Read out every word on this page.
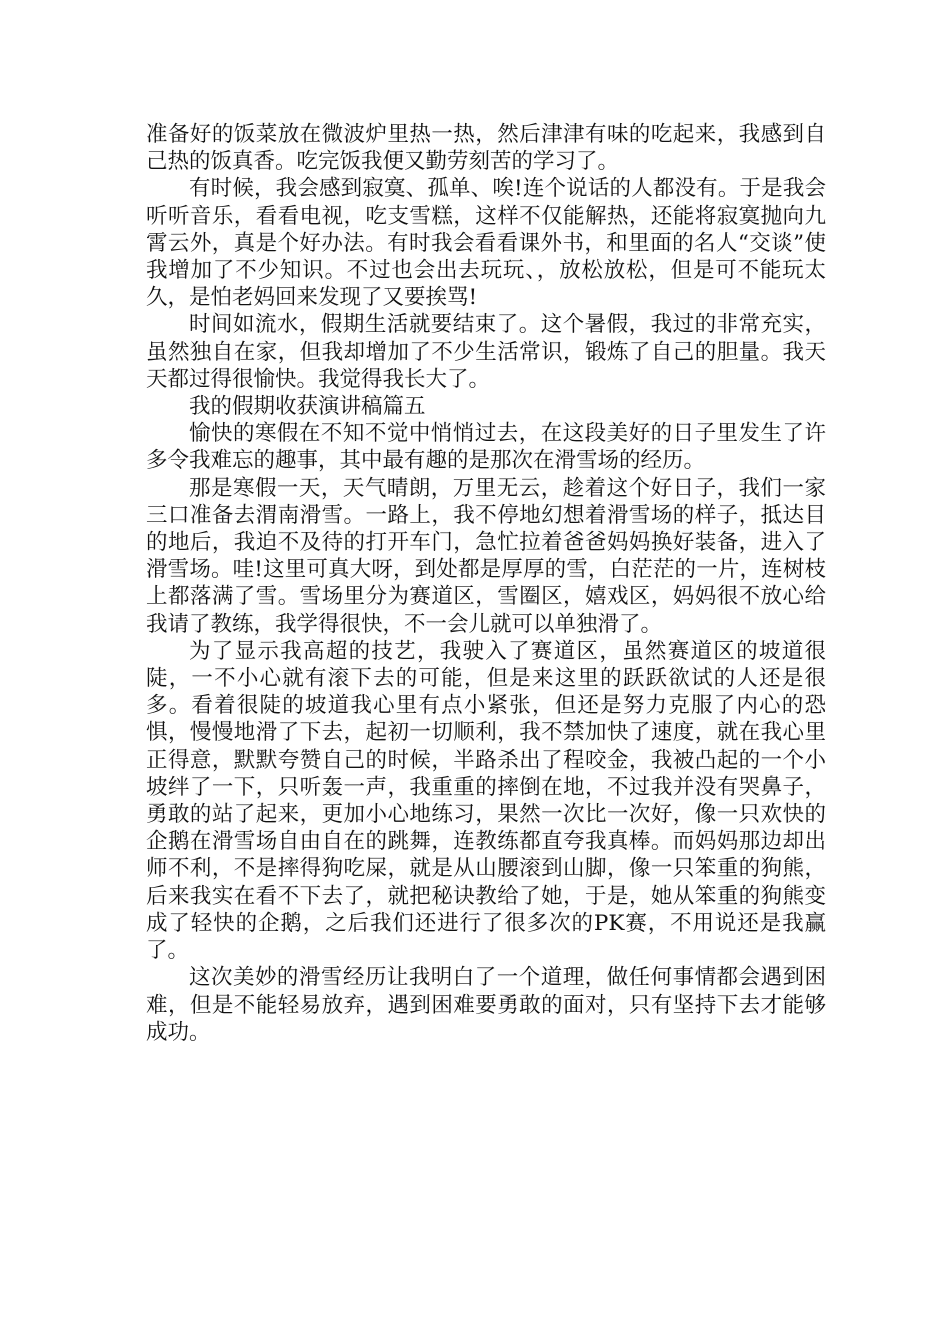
准备好的饭菜放在微波炉里热一热，然后津津有味的吃起来，我感到自己热的饭真香。吃完饭我便又勤劳刻苦的学习了。

有时候，我会感到寂寞、孤单、唉!连个说话的人都没有。于是我会听听音乐，看看电视，吃支雪糕，这样不仅能解热，还能将寂寞抛向九霄云外，真是个好办法。有时我会看看课外书，和里面的名人“交谈”使我增加了不少知识。不过也会出去玩玩、，放松放松，但是可不能玩太久，是怕老妈回来发现了又要挨骂!

时间如流水，假期生活就要结束了。这个暑假，我过的非常充实，虽然独自在家，但我却增加了不少生活常识，锻炼了自己的胆量。我天天都过得很愉快。我觉得我长大了。

我的假期收获演讲稿篇五

愉快的寒假在不知不觉中悄悄过去，在这段美好的日子里发生了许多令我难忘的趣事，其中最有趣的是那次在滑雪场的经历。

那是寒假一天，天气晴朗，万里无云，趁着这个好日子，我们一家三口准备去渭南滑雪。一路上，我不停地幻想着滑雪场的样子，抵达目的地后，我迫不及待的打开车门，急忙拉着爸爸妈妈换好装备，进入了滑雪场。哇!这里可真大呀，到处都是厚厚的雪，白茫茫的一片，连树枝上都落满了雪。雪场里分为赛道区，雪圈区，嬉戏区，妈妈很不放心给我请了教练，我学得很快，不一会儿就可以单独滑了。

为了显示我高超的技艺，我驶入了赛道区，虽然赛道区的坡道很陡，一不小心就有滚下去的可能，但是来这里的跃跃欲试的人还是很多。看着很陡的坡道我心里有点小紧张，但还是努力克服了内心的恐惧，慢慢地滑了下去，起初一切顺利，我不禁加快了速度，就在我心里正得意，默默夸赞自己的时候，半路杀出了程咬金，我被凸起的一个小坡绊了一下，只听轰一声，我重重的摔倒在地，不过我并没有哭鼻子，勇敢的站了起来，更加小心地练习，果然一次比一次好，像一只欢快的企鹅在滑雪场自由自在的跳舞，连教练都直夸我真棒。而妈妈那边却出师不利，不是摔得狗吃屎，就是从山腰滚到山脚，像一只笨重的狗熊，后来我实在看不下去了，就把秘诀教给了她，于是，她从笨重的狗熊变成了轻快的企鹅，之后我们还进行了很多次的PK赛，不用说还是我赢了。

这次美妙的滑雪经历让我明白了一个道理，做任何事情都会遇到困难，但是不能轻易放弃，遇到困难要勇敢的面对，只有坚持下去才能够成功。
